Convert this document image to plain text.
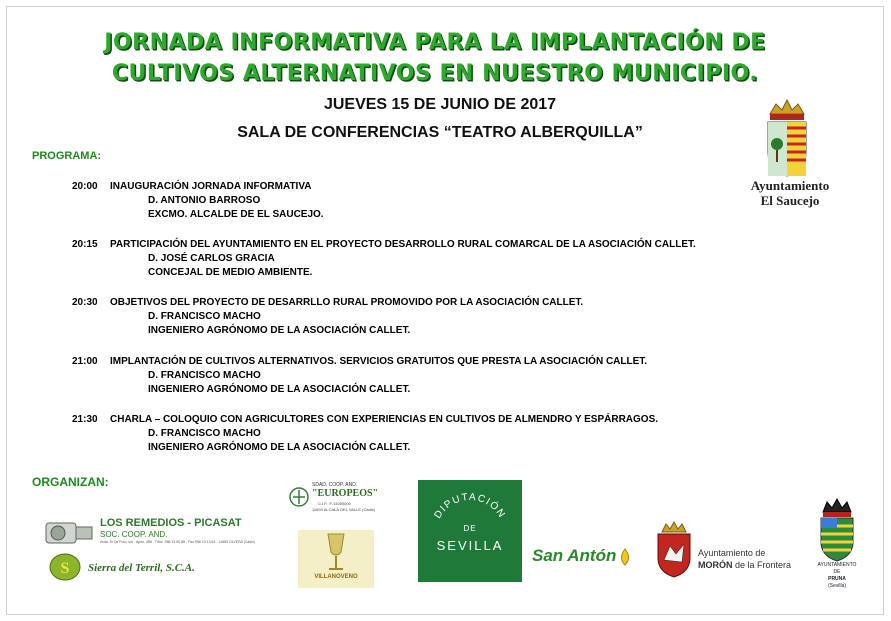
JORNADA INFORMATIVA PARA LA IMPLANTACIÓN DE
CULTIVOS ALTERNATIVOS EN NUESTRO MUNICIPIO.
JUEVES 15 DE JUNIO DE 2017
SALA DE CONFERENCIAS “TEATRO ALBERQUILLA”
Ayuntamiento
El Saucejo
PROGRAMA:
20:00 INAUGURACIÓN JORNADA INFORMATIVA
D. ANTONIO BARROSO
EXCMO. ALCALDE DE EL SAUCEJO.
20:15 PARTICIPACIÓN DEL AYUNTAMIENTO EN EL PROYECTO DESARROLLO RURAL COMARCAL DE LA ASOCIACIÓN CALLET.
D. JOSÉ CARLOS GRACIA
CONCEJAL DE MEDIO AMBIENTE.
20:30 OBJETIVOS DEL PROYECTO DE DESARRLLO RURAL PROMOVIDO POR LA ASOCIACIÓN CALLET.
D. FRANCISCO MACHO
INGENIERO AGRÓNOMO DE LA ASOCIACIÓN CALLET.
21:00 IMPLANTACIÓN DE CULTIVOS ALTERNATIVOS. SERVICIOS GRATUITOS QUE PRESTA LA ASOCIACIÓN CALLET.
D. FRANCISCO MACHO
INGENIERO AGRÓNOMO DE LA ASOCIACIÓN CALLET.
21:30 CHARLA – COLOQUIO CON AGRICULTORES CON EXPERIENCIAS EN CULTIVOS DE ALMENDRO Y ESPÁRRAGOS.
D. FRANCISCO MACHO
INGENIERO AGRÓNOMO DE LA ASOCIACIÓN CALLET.
ORGANIZAN:
LOS REMEDIOS - PICASAT
SOC. COOP. AND.
Avda. El De Foto, s/n - Apdo. 488 - Tlfno. 956 13 60 88 - Fax 956 13 13 64 - 11680 OLVERA (Cádiz)
S Sierra del Terril, S.C.A.
SDAD. COOP. AND.
"EUROPEOS"
C.I.F.: F-11000000
11693 ALCALÁ DEL VALLE (Cádiz)
VILLANOVENO
DIPUTACIÓN
DE
SEVILLA
San Antón	Ayuntamiento de
MORÓN de la Frontera	AYUNTAMIENTO
DE
PRUNA
(Sevilla)
